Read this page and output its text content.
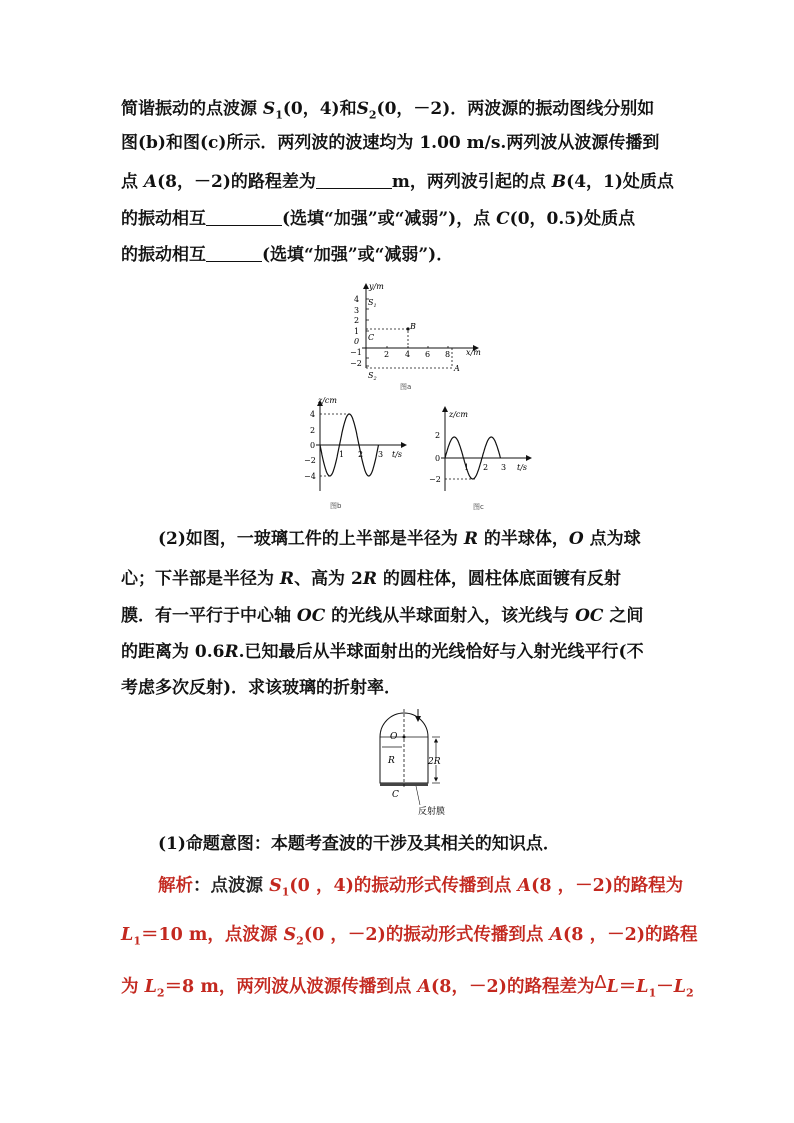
简谐振动的点波源 $S_1(0$，4)和$S_2(0$，－2)．两波源的振动图线分别如
图(b)和图(c)所示．两列波的波速均为 1.00 m/s.两列波从波源传播到
点 A(8，－2)的路程差为	m，两列波引起的点 B(4，1)处质点
的振动相互	(选填“加强”或“减弱”)，点 C(0，0.5)处质点
的振动相互	(选填“加强”或“减弱”)．
y/m
x/m
4
3
2
1
0
−1
−2
2 4 6 8
$S_1$
C
B
$S_2$
A
图a
z/cm
t/s
4
2
0
−2
−4
1 2 3
图b
z/cm
t/s
2
0
−2
1 2 3
图c
(2)如图，一玻璃工件的上半部是半径为 R 的半球体，O 点为球
心；下半部是半径为 R、高为 2R 的圆柱体，圆柱体底面镀有反射
膜．有一平行于中心轴 OC 的光线从半球面射入，该光线与 OC 之间
的距离为 0.6R.已知最后从半球面射出的光线恰好与入射光线平行(不
考虑多次反射)．求该玻璃的折射率．
O
R	2R
C
反射膜
(1)命题意图：本题考查波的干涉及其相关的知识点．
解析：点波源 $S_1(0$ ，4)的振动形式传播到点 A(8 ，－2)的路程为
$L_1=10$ m，点波源 $S_2(0$ ，－2)的振动形式传播到点 A(8 ，－2)的路程
为 $L_2=8$ m，两列波从波源传播到点 A(8，－2)的路程差为$\Delta L=L_1-L_2$
